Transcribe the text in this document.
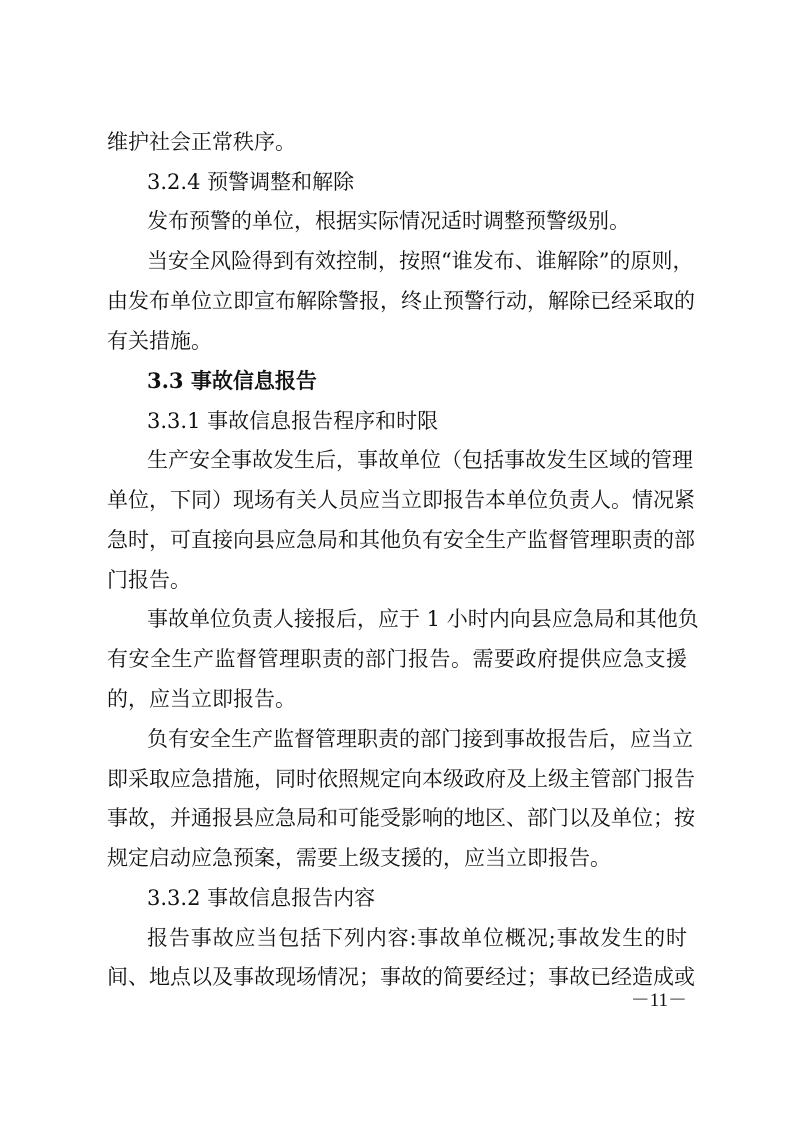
维护社会正常秩序。
3.2.4 预警调整和解除
发布预警的单位，根据实际情况适时调整预警级别。
当安全风险得到有效控制，按照“谁发布、谁解除”的原则，
由发布单位立即宣布解除警报，终止预警行动，解除已经采取的
有关措施。
3.3 事故信息报告
3.3.1 事故信息报告程序和时限
生产安全事故发生后，事故单位（包括事故发生区域的管理
单位，下同）现场有关人员应当立即报告本单位负责人。情况紧
急时，可直接向县应急局和其他负有安全生产监督管理职责的部
门报告。
事故单位负责人接报后，应于 1 小时内向县应急局和其他负
有安全生产监督管理职责的部门报告。需要政府提供应急支援
的，应当立即报告。
负有安全生产监督管理职责的部门接到事故报告后，应当立
即采取应急措施，同时依照规定向本级政府及上级主管部门报告
事故，并通报县应急局和可能受影响的地区、部门以及单位；按
规定启动应急预案，需要上级支援的，应当立即报告。
3.3.2 事故信息报告内容
报告事故应当包括下列内容:事故单位概况;事故发生的时
间、地点以及事故现场情况；事故的简要经过；事故已经造成或
－11－
